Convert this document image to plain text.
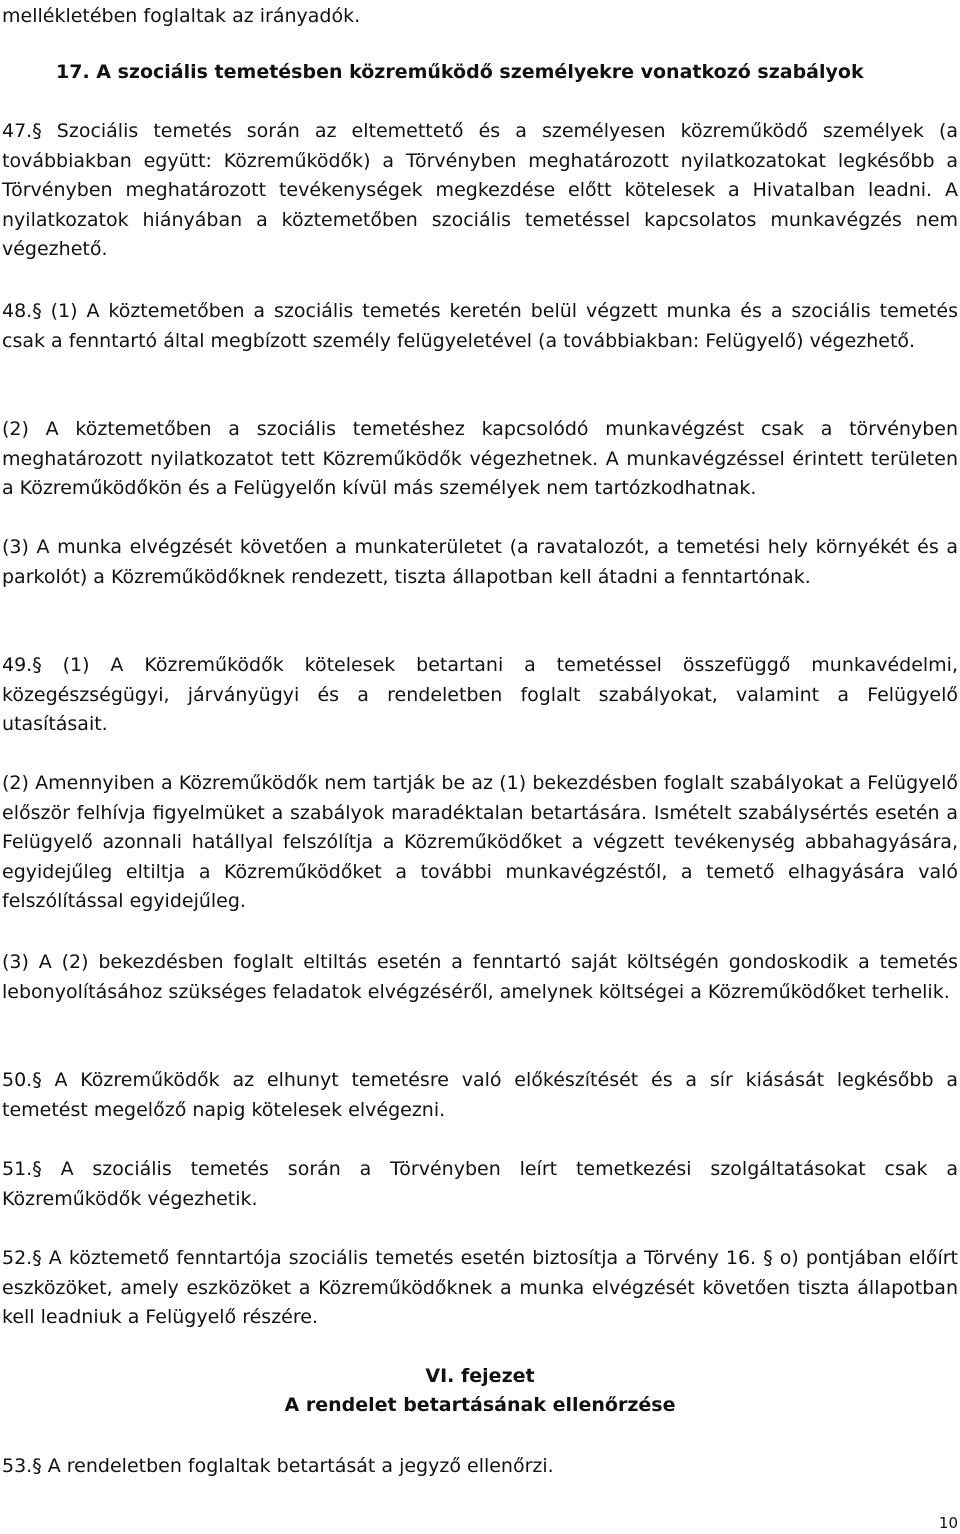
mellékletében foglaltak az irányadók.

17. A szociális temetésben közreműködő személyekre vonatkozó szabályok

47.§ Szociális temetés során az eltemettető és a személyesen közreműködő személyek (a továbbiakban együtt: Közreműködők) a Törvényben meghatározott nyilatkozatokat legkésőbb a Törvényben meghatározott tevékenységek megkezdése előtt kötelesek a Hivatalban leadni. A nyilatkozatok hiányában a köztemetőben szociális temetéssel kapcsolatos munkavégzés nem végezhető.

48.§ (1) A köztemetőben a szociális temetés keretén belül végzett munka és a szociális temetés csak a fenntartó által megbízott személy felügyeletével (a továbbiakban: Felügyelő) végezhető.

(2) A köztemetőben a szociális temetéshez kapcsolódó munkavégzést csak a törvényben meghatározott nyilatkozatot tett Közreműködők végezhetnek. A munkavégzéssel érintett területen a Közreműködőkön és a Felügyelőn kívül más személyek nem tartózkodhatnak.

(3) A munka elvégzését követően a munkaterületet (a ravatalozót, a temetési hely környékét és a parkolót) a Közreműködőknek rendezett, tiszta állapotban kell átadni a fenntartónak.

49.§ (1) A Közreműködők kötelesek betartani a temetéssel összefüggő munkavédelmi, közegészségügyi, járványügyi és a rendeletben foglalt szabályokat, valamint a Felügyelő utasításait.

(2) Amennyiben a Közreműködők nem tartják be az (1) bekezdésben foglalt szabályokat a Felügyelő először felhívja figyelmüket a szabályok maradéktalan betartására. Ismételt szabálysértés esetén a Felügyelő azonnali hatállyal felszólítja a Közreműködőket a végzett tevékenység abbahagyására, egyidejűleg eltiltja a Közreműködőket a további munkavégzéstől, a temető elhagyására való felszólítással egyidejűleg.

(3) A (2) bekezdésben foglalt eltiltás esetén a fenntartó saját költségén gondoskodik a temetés lebonyolításához szükséges feladatok elvégzéséről, amelynek költségei a Közreműködőket terhelik.

50.§ A Közreműködők az elhunyt temetésre való előkészítését és a sír kiásását legkésőbb a temetést megelőző napig kötelesek elvégezni.

51.§ A szociális temetés során a Törvényben leírt temetkezési szolgáltatásokat csak a Közreműködők végezhetik.

52.§ A köztemető fenntartója szociális temetés esetén biztosítja a Törvény 16. § o) pontjában előírt eszközöket, amely eszközöket a Közreműködőknek a munka elvégzését követően tiszta állapotban kell leadniuk a Felügyelő részére.

VI. fejezet

A rendelet betartásának ellenőrzése

53.§ A rendeletben foglaltak betartását a jegyző ellenőrzi.

10
